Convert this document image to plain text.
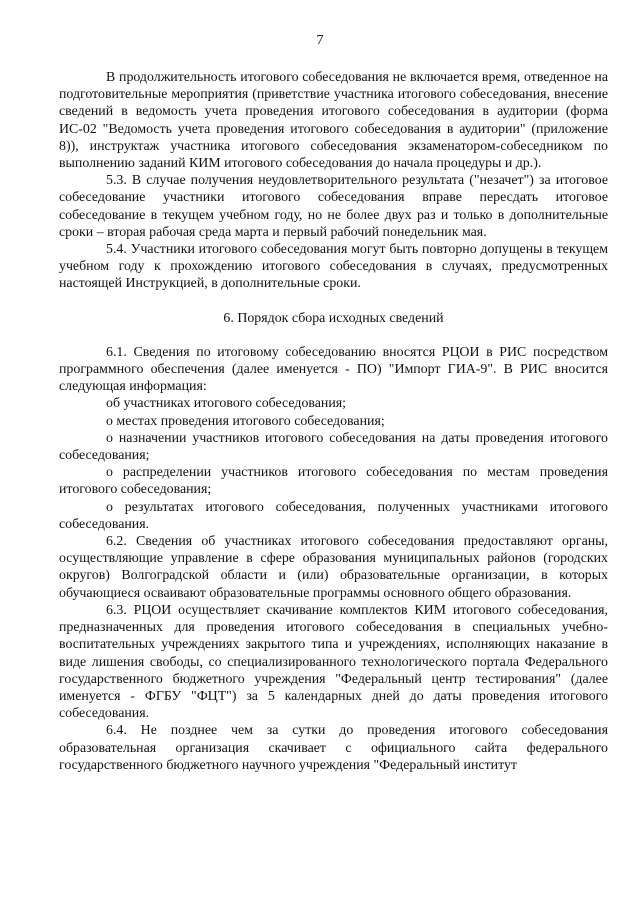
7

В продолжительность итогового собеседования не включается время, отведенное на подготовительные мероприятия (приветствие участника итогового собеседования, внесение сведений в ведомость учета проведения итогового собеседования в аудитории (форма ИС-02 "Ведомость учета проведения итогового собеседования в аудитории" (приложение 8)), инструктаж участника итогового собеседования экзаменатором-собеседником по выполнению заданий КИМ итогового собеседования до начала процедуры и др.).

5.3. В случае получения неудовлетворительного результата ("незачет") за итоговое собеседование участники итогового собеседования вправе пересдать итоговое собеседование в текущем учебном году, но не более двух раз и только в дополнительные сроки – вторая рабочая среда марта и первый рабочий понедельник мая.

5.4. Участники итогового собеседования могут быть повторно допущены в текущем учебном году к прохождению итогового собеседования в случаях, предусмотренных настоящей Инструкцией, в дополнительные сроки.

6. Порядок сбора исходных сведений

6.1. Сведения по итоговому собеседованию вносятся РЦОИ в РИС посредством программного обеспечения (далее именуется - ПО) "Импорт ГИА-9". В РИС вносится следующая информация:

об участниках итогового собеседования;

о местах проведения итогового собеседования;

о назначении участников итогового собеседования на даты проведения итогового собеседования;

о распределении участников итогового собеседования по местам проведения итогового собеседования;

о результатах итогового собеседования, полученных участниками итогового собеседования.

6.2. Сведения об участниках итогового собеседования предоставляют органы, осуществляющие управление в сфере образования муниципальных районов (городских округов) Волгоградской области и (или) образовательные организации, в которых обучающиеся осваивают образовательные программы основного общего образования.

6.3. РЦОИ осуществляет скачивание комплектов КИМ итогового собеседования, предназначенных для проведения итогового собеседования в специальных учебно-воспитательных учреждениях закрытого типа и учреждениях, исполняющих наказание в виде лишения свободы, со специализированного технологического портала Федерального государственного бюджетного учреждения "Федеральный центр тестирования" (далее именуется - ФГБУ "ФЦТ") за 5 календарных дней до даты проведения итогового собеседования.

6.4. Не позднее чем за сутки до проведения итогового собеседования образовательная организация скачивает с официального сайта федерального государственного бюджетного научного учреждения "Федеральный институт
